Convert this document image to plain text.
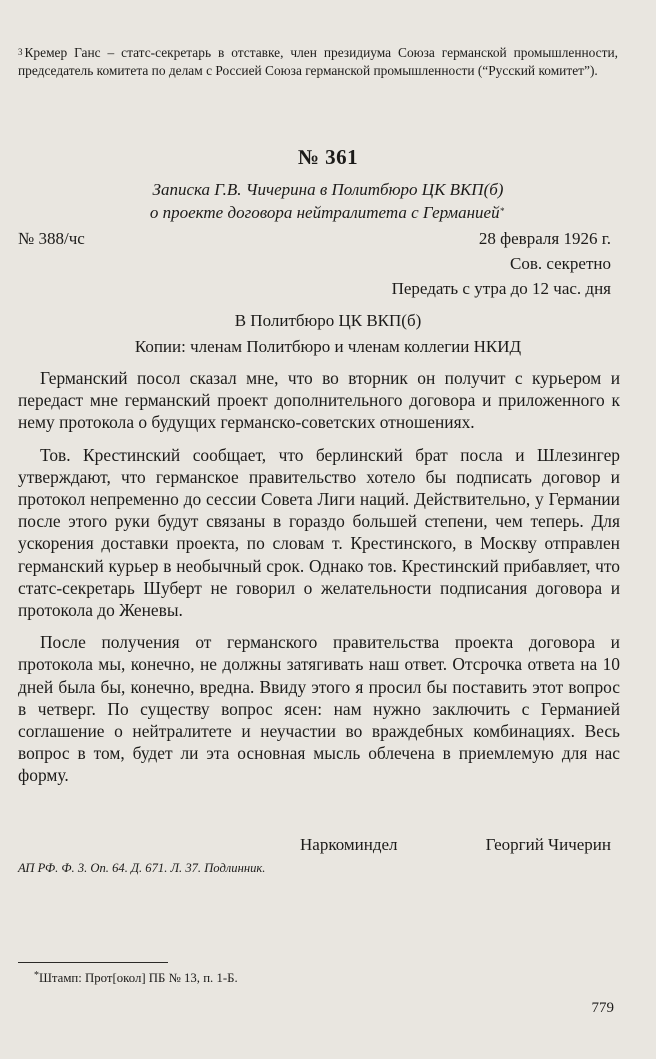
$^3$ Кремер Ганс – статс-секретарь в отставке, член президиума Союза германской промышленности, председатель комитета по делам с Россией Союза германской промышленности (“Русский комитет”).
№ 361
Записка Г.В. Чичерина в Политбюро ЦК ВКП(б)
о проекте договора нейтралитета с Германией*
№ 388/чс	28 февраля 1926 г.
Сов. секретно
Передать с утра до 12 час. дня
В Политбюро ЦК ВКП(б)
Копии: членам Политбюро и членам коллегии НКИД

Германский посол сказал мне, что во вторник он получит с курьером и передаст мне германский проект дополнительного договора и приложенного к нему протокола о будущих германско-советских отношениях.

Тов. Крестинский сообщает, что берлинский брат посла и Шлезингер утверждают, что германское правительство хотело бы подписать договор и протокол непременно до сессии Совета Лиги наций. Действительно, у Германии после этого руки будут связаны в гораздо большей степени, чем теперь. Для ускорения доставки проекта, по словам т. Крестинского, в Москву отправлен германский курьер в необычный срок. Однако тов. Крестинский прибавляет, что статс-секретарь Шуберт не говорил о желательности подписания договора и протокола до Женевы.

После получения от германского правительства проекта договора и протокола мы, конечно, не должны затягивать наш ответ. Отсрочка ответа на 10 дней была бы, конечно, вредна. Ввиду этого я просил бы поставить этот вопрос в четверг. По существу вопрос ясен: нам нужно заключить с Германией соглашение о нейтралитете и неучастии во враждебных комбинациях. Весь вопрос в том, будет ли эта основная мысль облечена в приемлемую для нас форму.

Наркоминдел	Георгий Чичерин
АП РФ. Ф. 3. Оп. 64. Д. 671. Л. 37. Подлинник.
*Штамп: Прот[окол] ПБ № 13, п. 1-Б.
779
